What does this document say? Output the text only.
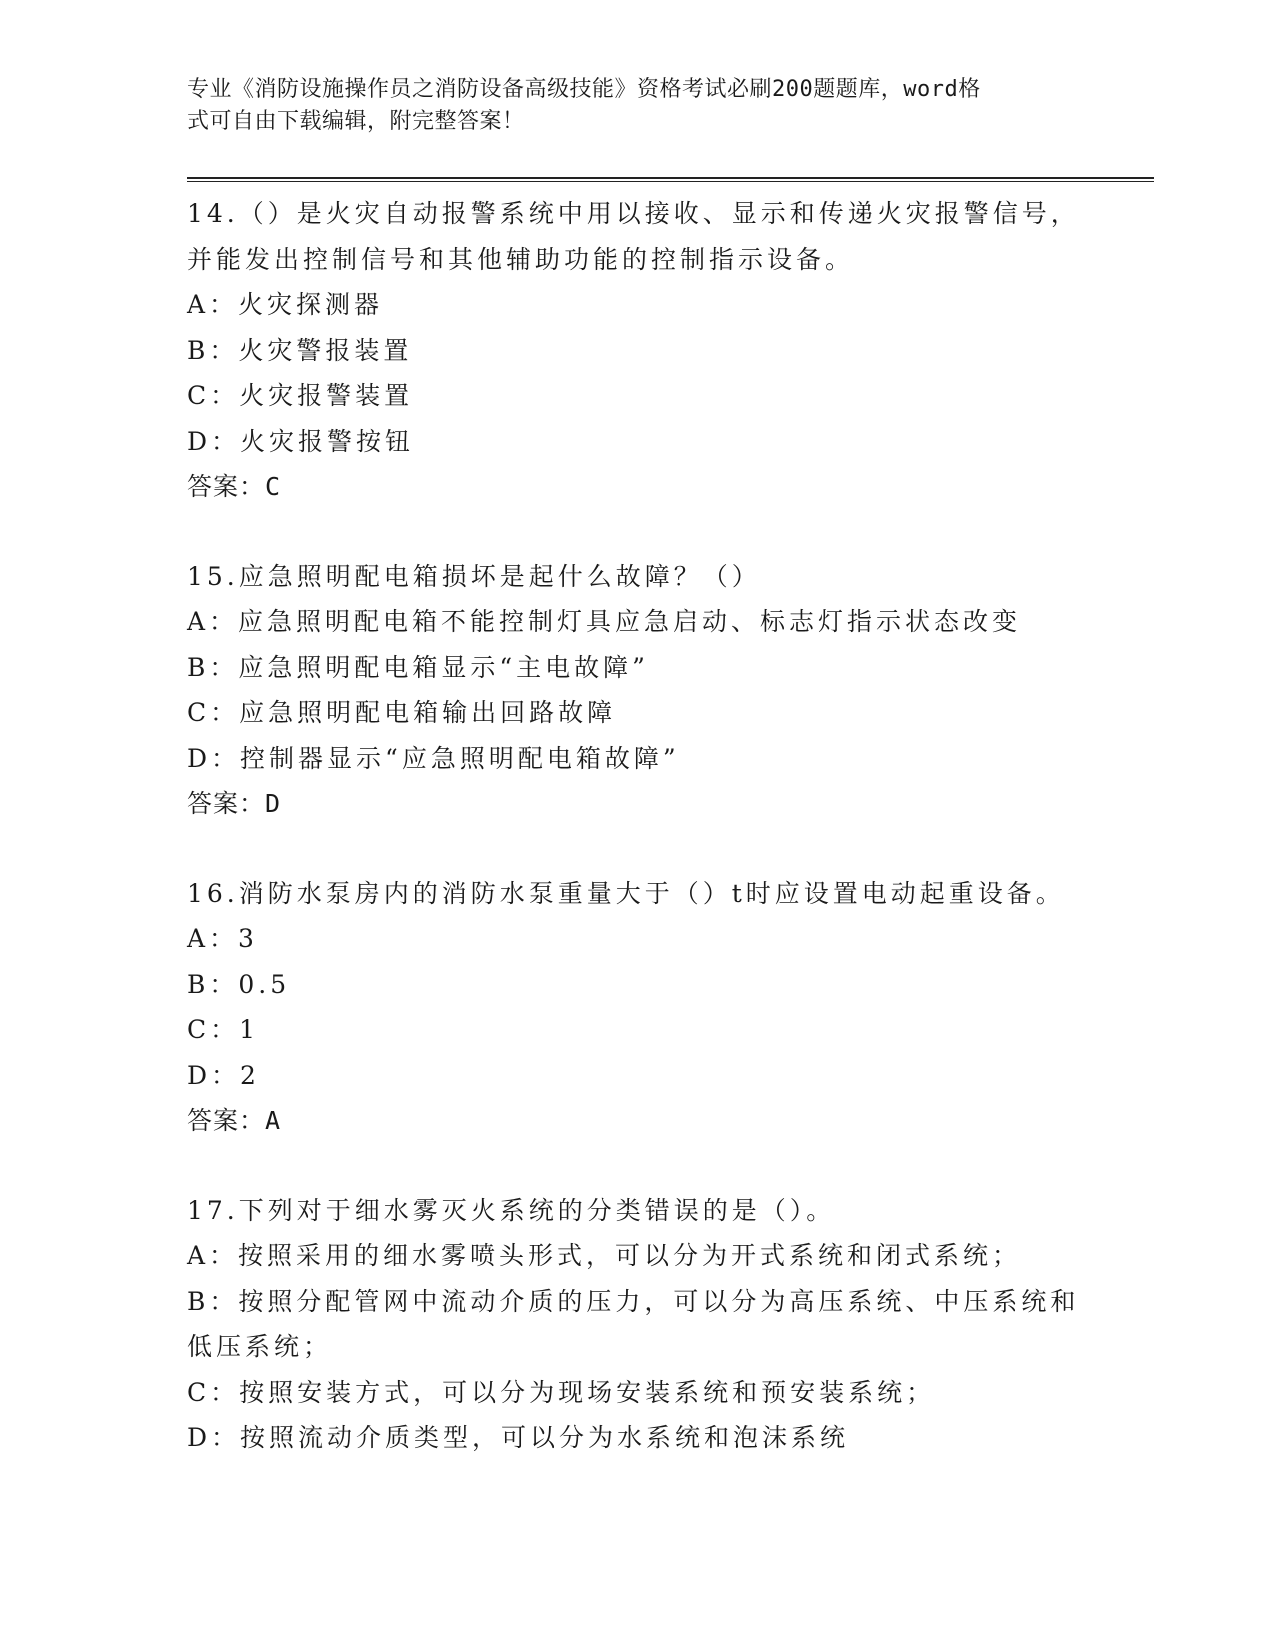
专业《消防设施操作员之消防设备高级技能》资格考试必刷200题题库，word格
式可自由下载编辑，附完整答案！
14.（）是火灾自动报警系统中用以接收、显示和传递火灾报警信号，
并能发出控制信号和其他辅助功能的控制指示设备。
A：火灾探测器
B：火灾警报装置
C：火灾报警装置
D：火灾报警按钮
答案：C
15.应急照明配电箱损坏是起什么故障？（）
A：应急照明配电箱不能控制灯具应急启动、标志灯指示状态改变
B：应急照明配电箱显示“主电故障”
C：应急照明配电箱输出回路故障
D：控制器显示“应急照明配电箱故障”
答案：D
16.消防水泵房内的消防水泵重量大于（）t时应设置电动起重设备。
A：3
B：0.5
C：1
D：2
答案：A
17.下列对于细水雾灭火系统的分类错误的是（）。
A：按照采用的细水雾喷头形式，可以分为开式系统和闭式系统；
B：按照分配管网中流动介质的压力，可以分为高压系统、中压系统和
低压系统；
C：按照安装方式，可以分为现场安装系统和预安装系统；
D：按照流动介质类型，可以分为水系统和泡沫系统
